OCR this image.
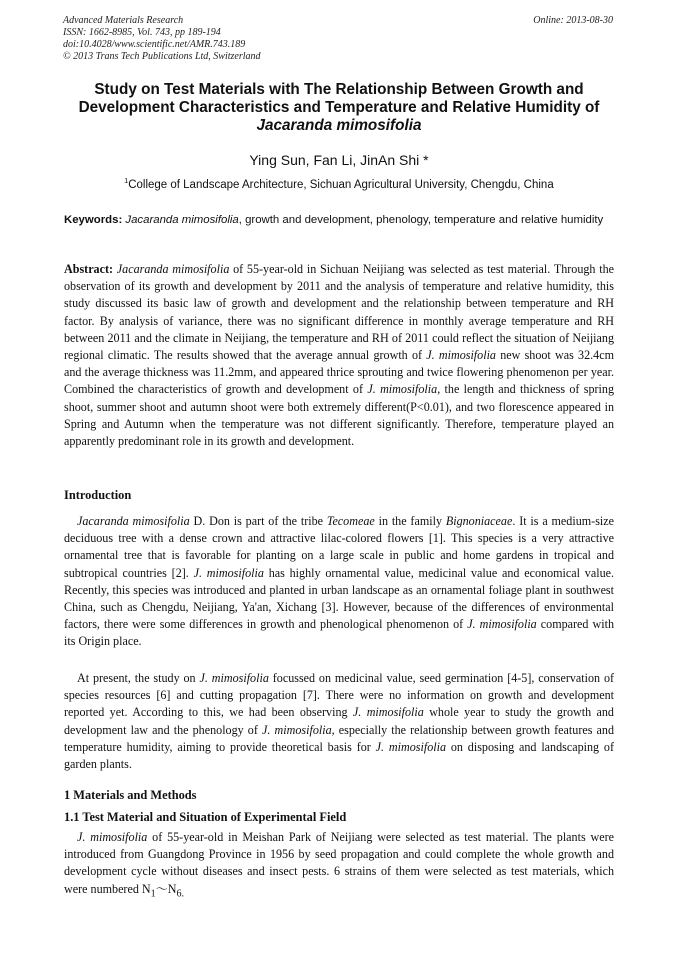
Advanced Materials Research
ISSN: 1662-8985, Vol. 743, pp 189-194
doi:10.4028/www.scientific.net/AMR.743.189
© 2013 Trans Tech Publications Ltd, Switzerland
Online: 2013-08-30
Study on Test Materials with The Relationship Between Growth and Development Characteristics and Temperature and Relative Humidity of
Jacaranda mimosifolia
Ying Sun, Fan Li, JinAn Shi *
$^1$College of Landscape Architecture, Sichuan Agricultural University, Chengdu, China

Keywords: Jacaranda mimosifolia, growth and development, phenology, temperature and relative humidity

Abstract: Jacaranda mimosifolia of 55-year-old in Sichuan Neijiang was selected as test material. Through the observation of its growth and development by 2011 and the analysis of temperature and relative humidity, this study discussed its basic law of growth and development and the relationship between temperature and RH factor. By analysis of variance, there was no significant difference in monthly average temperature and RH between 2011 and the climate in Neijiang, the temperature and RH of 2011 could reflect the situation of Neijiang regional climatic. The results showed that the average annual growth of J. mimosifolia new shoot was 32.4cm and the average thickness was 11.2mm, and appeared thrice sprouting and twice flowering phenomenon per year. Combined the characteristics of growth and development of J. mimosifolia, the length and thickness of spring shoot, summer shoot and autumn shoot were both extremely different(P<0.01), and two florescence appeared in Spring and Autumn when the temperature was not different significantly. Therefore, temperature played an apparently predominant role in its growth and development.

Introduction

Jacaranda mimosifolia D. Don is part of the tribe Tecomeae in the family Bignoniaceae. It is a medium-size deciduous tree with a dense crown and attractive lilac-colored flowers [1]. This species is a very attractive ornamental tree that is favorable for planting on a large scale in public and home gardens in tropical and subtropical countries [2]. J. mimosifolia has highly ornamental value, medicinal value and economical value. Recently, this species was introduced and planted in urban landscape as an ornamental foliage plant in southwest China, such as Chengdu, Neijiang, Ya'an, Xichang [3]. However, because of the differences of environmental factors, there were some differences in growth and phenological phenomenon of J. mimosifolia compared with its Origin place.

At present, the study on J. mimosifolia focussed on medicinal value, seed germination [4-5], conservation of species resources [6] and cutting propagation [7]. There were no information on growth and development reported yet. According to this, we had been observing J. mimosifolia whole year to study the growth and development law and the phenology of J. mimosifolia, especially the relationship between growth features and temperature humidity, aiming to provide theoretical basis for J. mimosifolia on disposing and landscaping of garden plants.

1 Materials and Methods
1.1 Test Material and Situation of Experimental Field

J. mimosifolia of 55-year-old in Meishan Park of Neijiang were selected as test material. The plants were introduced from Guangdong Province in 1956 by seed propagation and could complete the whole growth and development cycle without diseases and insect pests. 6 strains of them were selected as test materials, which were numbered $N_1\sim N_{6.}$
